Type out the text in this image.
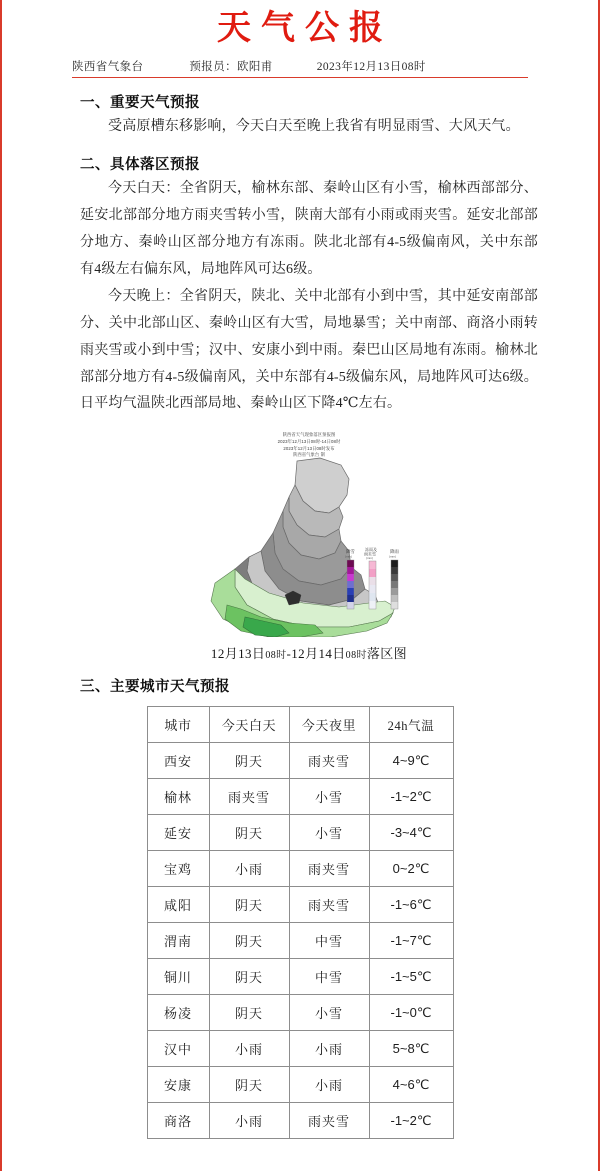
天气公报
陕西省气象台	预报员：欧阳甫	2023年12月13日08时
一、重要天气预报

受高原槽东移影响，今天白天至晚上我省有明显雨雪、大风天气。

二、具体落区预报

今天白天：全省阴天，榆林东部、秦岭山区有小雪，榆林西部部分、延安北部部分地方雨夹雪转小雪，陕南大部有小雨或雨夹雪。延安北部部分地方、秦岭山区部分地方有冻雨。陕北北部有4-5级偏南风，关中东部有4级左右偏东风，局地阵风可达6级。

今天晚上：全省阴天，陕北、关中北部有小到中雪，其中延安南部部分、关中北部山区、秦岭山区有大雪，局地暴雪；关中南部、商洛小雨转雨夹雪或小到中雪；汉中、安康小到中雨。秦巴山区局地有冻雨。榆林北部部分地方有4-5级偏南风，关中东部有4-5级偏东风，局地阵风可达6级。日平均气温陕北西部局地、秦岭山区下降4℃左右。

陕西省天气现象落区预报图
2023年12月13日08时-14日08时
2023年12月13日08时发布
陕西省气象台 制
降雪
(mm)
冻雨及
雨夹雪
(mm)
降雨
(mm)
12月13日08时-12月14日08时落区图
三、主要城市天气预报
城市	今天白天	今天夜里	24h气温
西安	阴天	雨夹雪	4~9℃
榆林	雨夹雪	小雪	-1~2℃
延安	阴天	小雪	-3~4℃
宝鸡	小雨	雨夹雪	0~2℃
咸阳	阴天	雨夹雪	-1~6℃
渭南	阴天	中雪	-1~7℃
铜川	阴天	中雪	-1~5℃
杨凌	阴天	小雪	-1~0℃
汉中	小雨	小雨	5~8℃
安康	阴天	小雨	4~6℃
商洛	小雨	雨夹雪	-1~2℃
